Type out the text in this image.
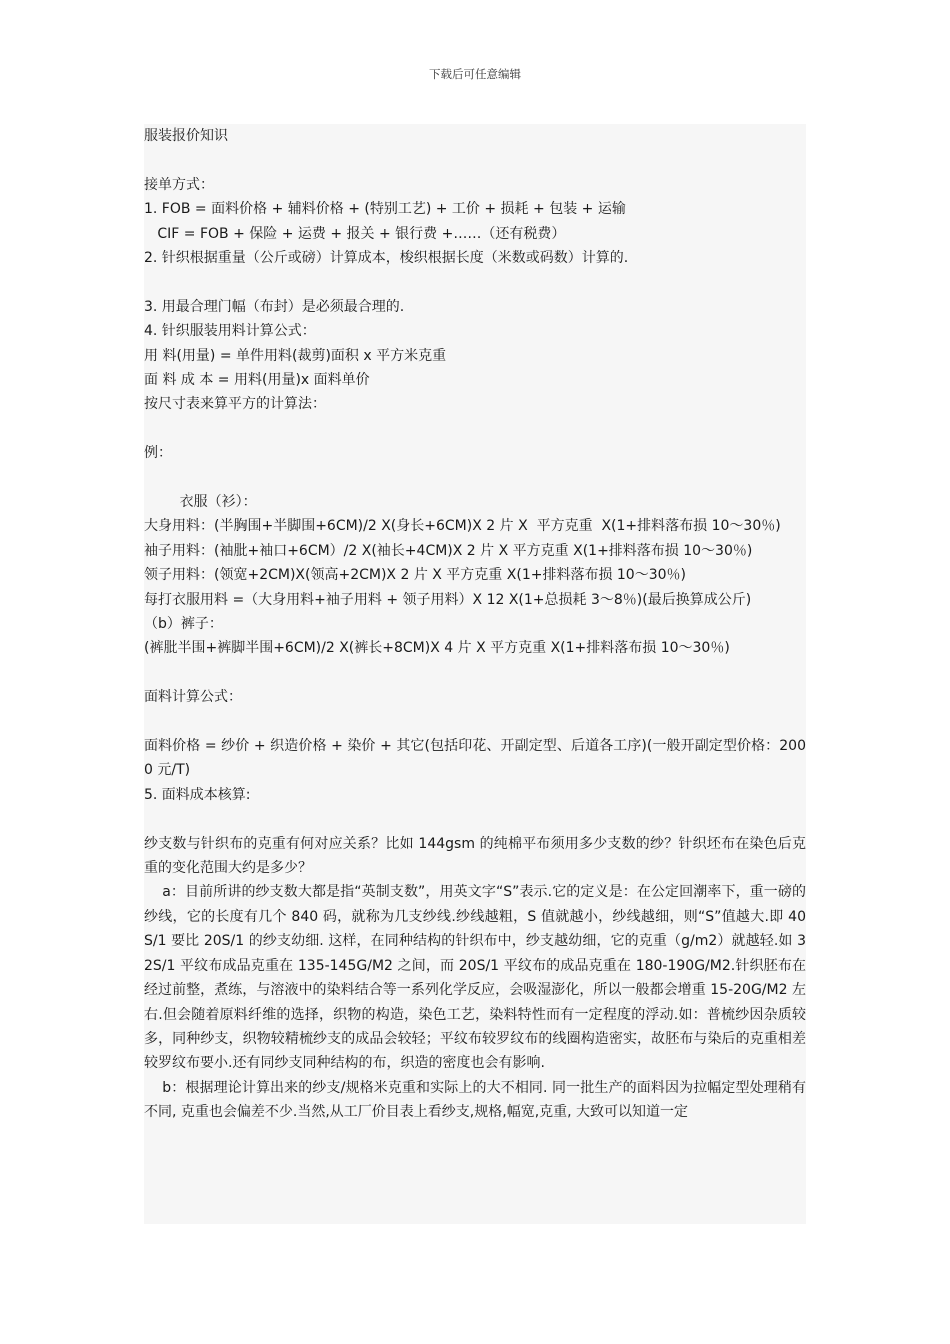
下载后可任意编辑

服装报价知识

接单方式：

1. FOB = 面料价格 + 辅料价格 + (特别工艺) + 工价 + 损耗 + 包装 + 运输

CIF = FOB + 保险 + 运费 + 报关 + 银行费 +……（还有税费）

2. 针织根据重量（公斤或磅）计算成本，梭织根据长度（米数或码数）计算的.

3. 用最合理门幅（布封）是必须最合理的.

4. 针织服装用料计算公式：

用 料(用量) = 单件用料(裁剪)面积 x 平方米克重

面 料 成 本 = 用料(用量)x 面料单价

按尺寸表来算平方的计算法：

例：

衣服（衫）：

大身用料：(半胸围+半脚围+6CM)/2 X(身长+6CM)X 2 片 X  平方克重  X(1+排料落布损 10～30％)

袖子用料：(袖肶+袖口+6CM）/2 X(袖长+4CM)X 2 片 X 平方克重 X(1+排料落布损 10～30％)

领子用料：(领宽+2CM)X(领高+2CM)X 2 片 X 平方克重 X(1+排料落布损 10～30％)

每打衣服用料 =（大身用料+袖子用料 + 领子用料）X 12 X(1+总损耗 3～8％)(最后换算成公斤)

（b）裤子：

(裤肶半围+裤脚半围+6CM)/2 X(裤长+8CM)X 4 片 X 平方克重 X(1+排料落布损 10～30％)

面料计算公式：

面料价格 = 纱价 + 织造价格 + 染价 + 其它(包括印花、开副定型、后道各工序)(一般开副定型价格：2000 元/T)

5. 面料成本核算:

纱支数与针织布的克重有何对应关系？比如 144gsm 的纯棉平布须用多少支数的纱？针织坯布在染色后克重的变化范围大约是多少？

a：目前所讲的纱支数大都是指“英制支数”，用英文字“S”表示.它的定义是：在公定回潮率下，重一磅的纱线，它的长度有几个 840 码，就称为几支纱线.纱线越粗，S 值就越小，纱线越细，则“S”值越大.即 40S/1 要比 20S/1 的纱支幼细. 这样，在同种结构的针织布中，纱支越幼细，它的克重（g/m2）就越轻.如 32S/1 平纹布成品克重在 135-145G/M2 之间，而 20S/1 平纹布的成品克重在 180-190G/M2.针织胚布在经过前整，煮练，与溶液中的染料结合等一系列化学反应，会吸湿澎化，所以一般都会增重 15-20G/M2 左右.但会随着原料纤维的选择，织物的构造，染色工艺，染料特性而有一定程度的浮动.如：普梳纱因杂质较多，同种纱支，织物较精梳纱支的成品会较轻；平纹布较罗纹布的线圈构造密实，故胚布与染后的克重相差较罗纹布要小.还有同纱支同种结构的布，织造的密度也会有影响.

b：根据理论计算出来的纱支/规格米克重和实际上的大不相同. 同一批生产的面料因为拉幅定型处理稍有不同, 克重也会偏差不少.当然,从工厂价目表上看纱支,规格,幅宽,克重, 大致可以知道一定
